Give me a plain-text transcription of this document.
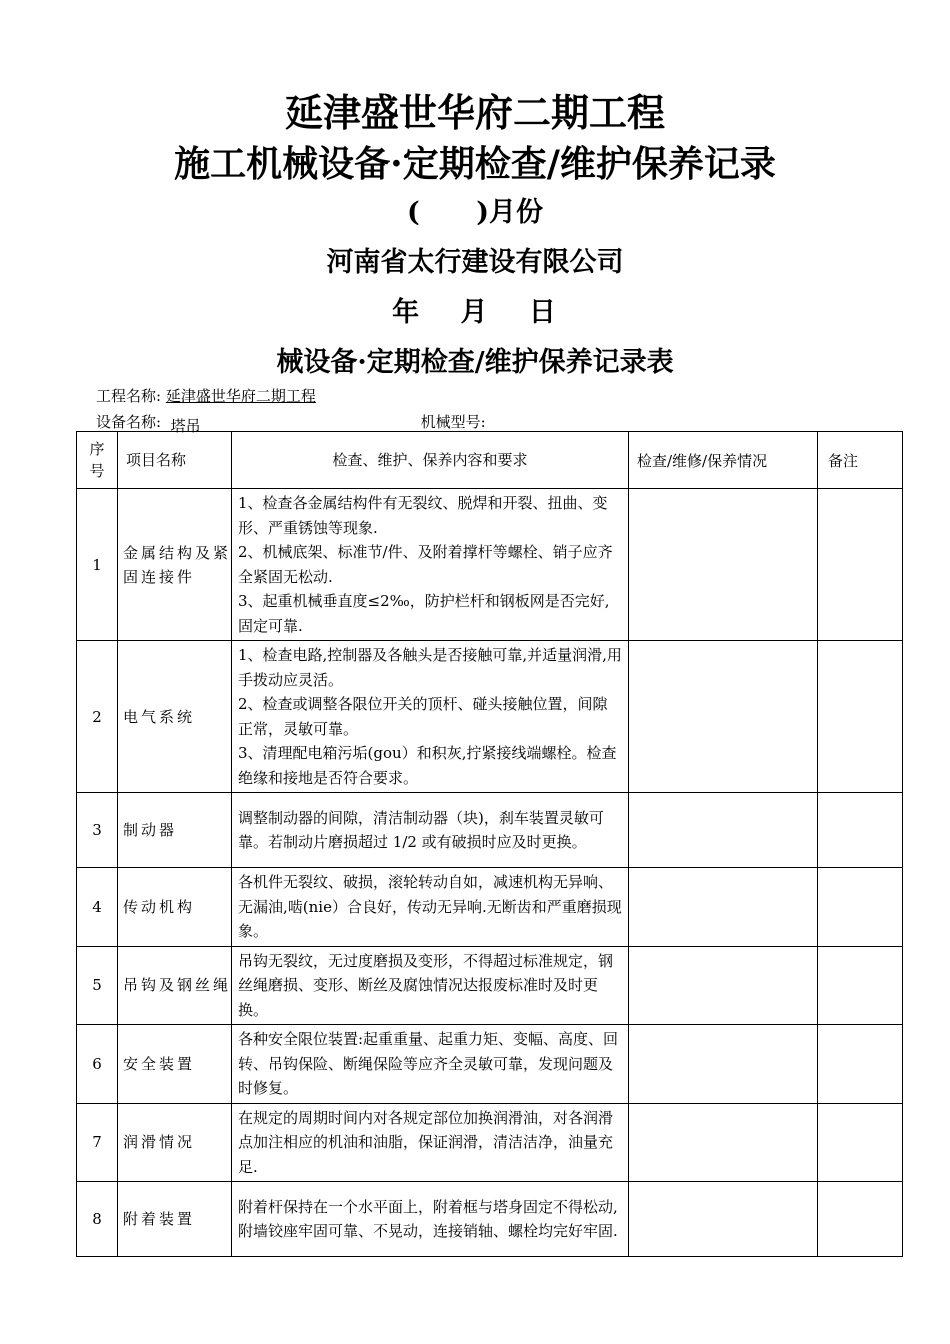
延津盛世华府二期工程
施工机械设备·定期检查/维护保养记录
(      )月份
河南省太行建设有限公司
年 月 日
械设备·定期检查/维护保养记录表
工程名称: 延津盛世华府二期工程
设备名称: 塔吊	机械型号:
序
号	项目名称	检查、维护、保养内容和要求	检查/维修/保养情况	备注
1	金属结构及紧固连接件	1、检查各金属结构件有无裂纹、脱焊和开裂、扭曲、变形、严重锈蚀等现象.
2、机械底架、标准节/件、及附着撑杆等螺栓、销子应齐全紧固无松动.
3、起重机械垂直度≤2‰，防护栏杆和钢板网是否完好,固定可靠.		

2	电气系统	1、检查电路,控制器及各触头是否接触可靠,并适量润滑,用手拨动应灵活。
2、检查或调整各限位开关的顶杆、碰头接触位置，间隙正常，灵敏可靠。
3、清理配电箱污垢(gou）和积灰,拧紧接线端螺栓。检查绝缘和接地是否符合要求。		

3	制动器	调整制动器的间隙，清洁制动器（块)，刹车装置灵敏可靠。若制动片磨损超过 1/2 或有破损时应及时更换。		

4	传动机构	各机件无裂纹、破损，滚轮转动自如，减速机构无异响、无漏油,啮(nie）合良好，传动无异响.无断齿和严重磨损现象。		

5	吊钩及钢丝绳	吊钩无裂纹，无过度磨损及变形，不得超过标准规定，钢丝绳磨损、变形、断丝及腐蚀情况达报废标准时及时更换。		

6	安全装置	各种安全限位装置:起重重量、起重力矩、变幅、高度、回转、吊钩保险、断绳保险等应齐全灵敏可靠，发现问题及时修复。		

7	润滑情况	在规定的周期时间内对各规定部位加换润滑油，对各润滑点加注相应的机油和油脂，保证润滑，清洁洁净，油量充足.		

8	附着装置	附着杆保持在一个水平面上，附着框与塔身固定不得松动,附墙铰座牢固可靠、不晃动，连接销轴、螺栓均完好牢固.		
